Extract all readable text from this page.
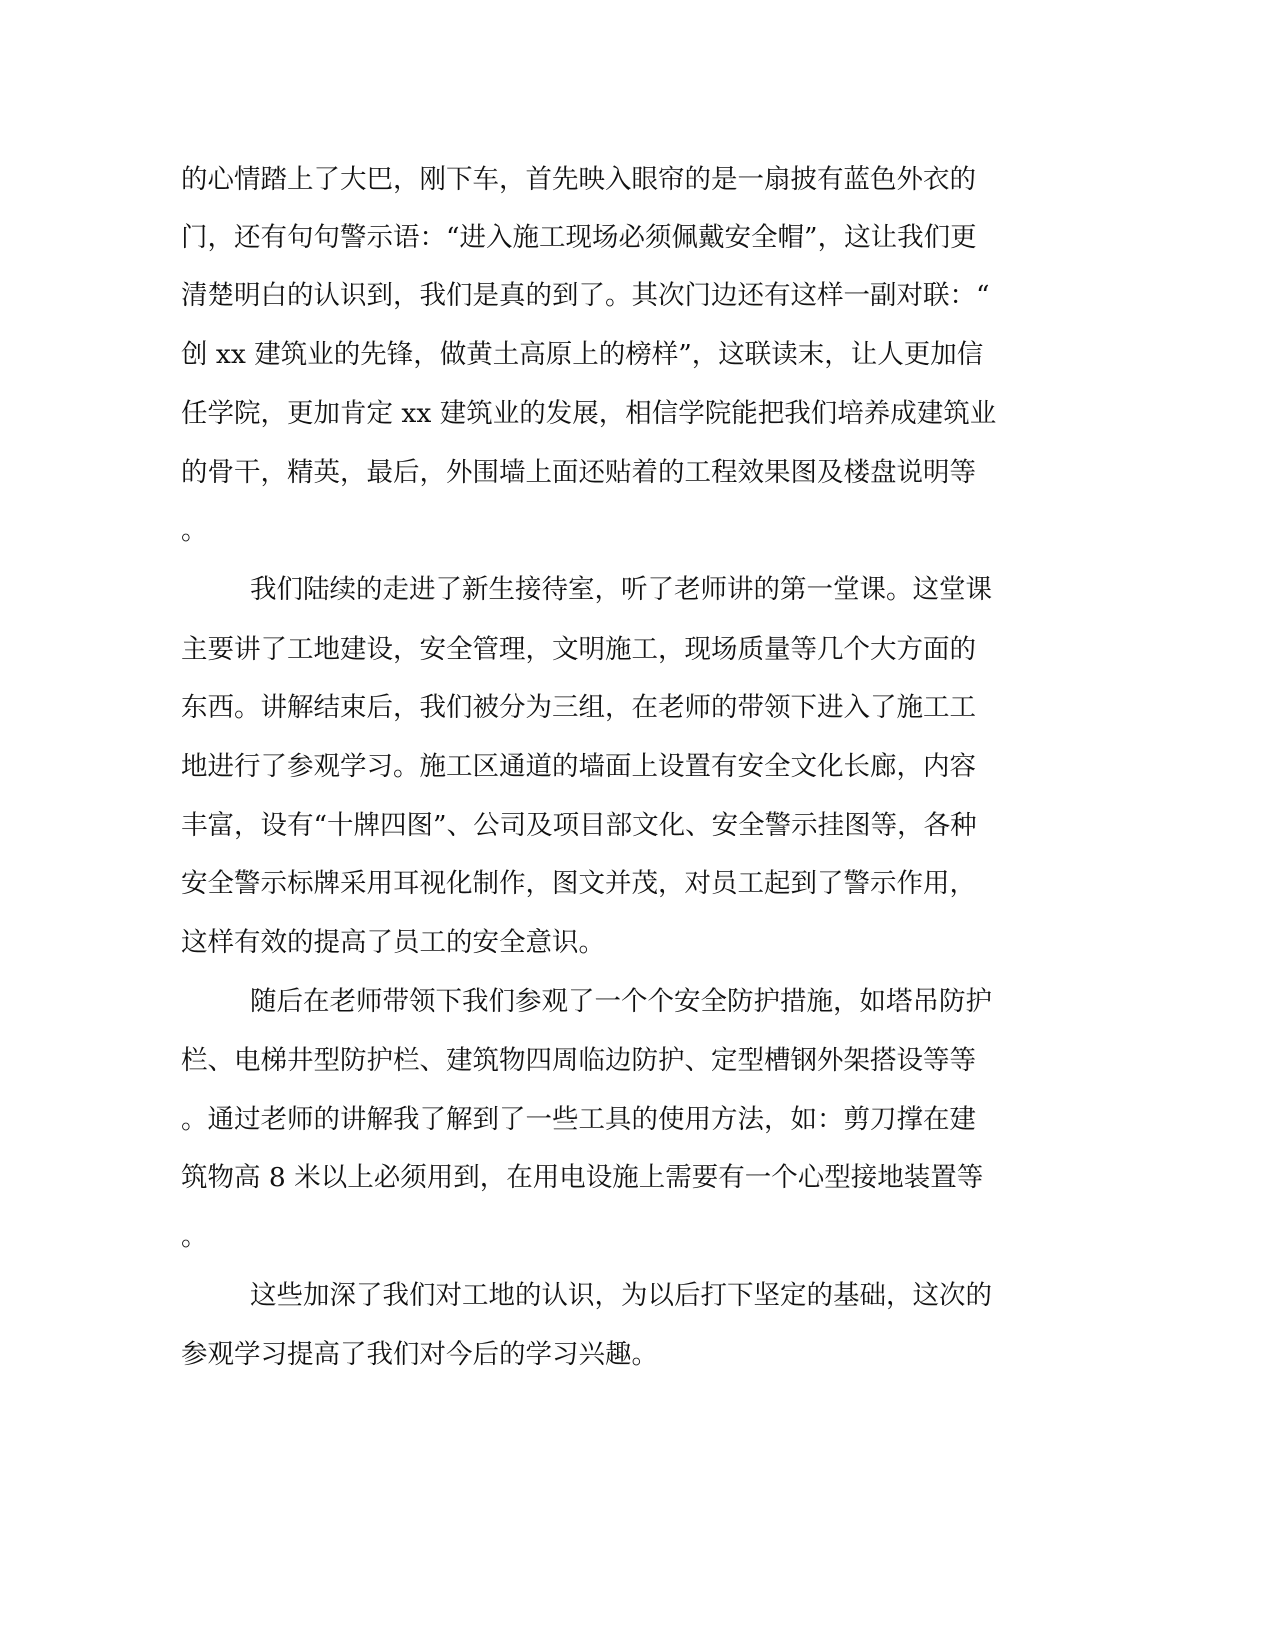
的心情踏上了大巴，刚下车，首先映入眼帘的是一扇披有蓝色外衣的
门，还有句句警示语：“进入施工现场必须佩戴安全帽”，这让我们更
清楚明白的认识到，我们是真的到了。其次门边还有这样一副对联：“
创 xx 建筑业的先锋，做黄土高原上的榜样”，这联读末，让人更加信
任学院，更加肯定 xx 建筑业的发展，相信学院能把我们培养成建筑业
的骨干，精英，最后，外围墙上面还贴着的工程效果图及楼盘说明等
。
我们陆续的走进了新生接待室，听了老师讲的第一堂课。这堂课
主要讲了工地建设，安全管理，文明施工，现场质量等几个大方面的
东西。讲解结束后，我们被分为三组，在老师的带领下进入了施工工
地进行了参观学习。施工区通道的墙面上设置有安全文化长廊，内容
丰富，设有“十牌四图”、公司及项目部文化、安全警示挂图等，各种
安全警示标牌采用耳视化制作，图文并茂，对员工起到了警示作用，
这样有效的提高了员工的安全意识。
随后在老师带领下我们参观了一个个安全防护措施，如塔吊防护
栏、电梯井型防护栏、建筑物四周临边防护、定型槽钢外架搭设等等
。通过老师的讲解我了解到了一些工具的使用方法，如：剪刀撑在建
筑物高 8 米以上必须用到，在用电设施上需要有一个心型接地装置等
。
这些加深了我们对工地的认识，为以后打下坚定的基础，这次的
参观学习提高了我们对今后的学习兴趣。
